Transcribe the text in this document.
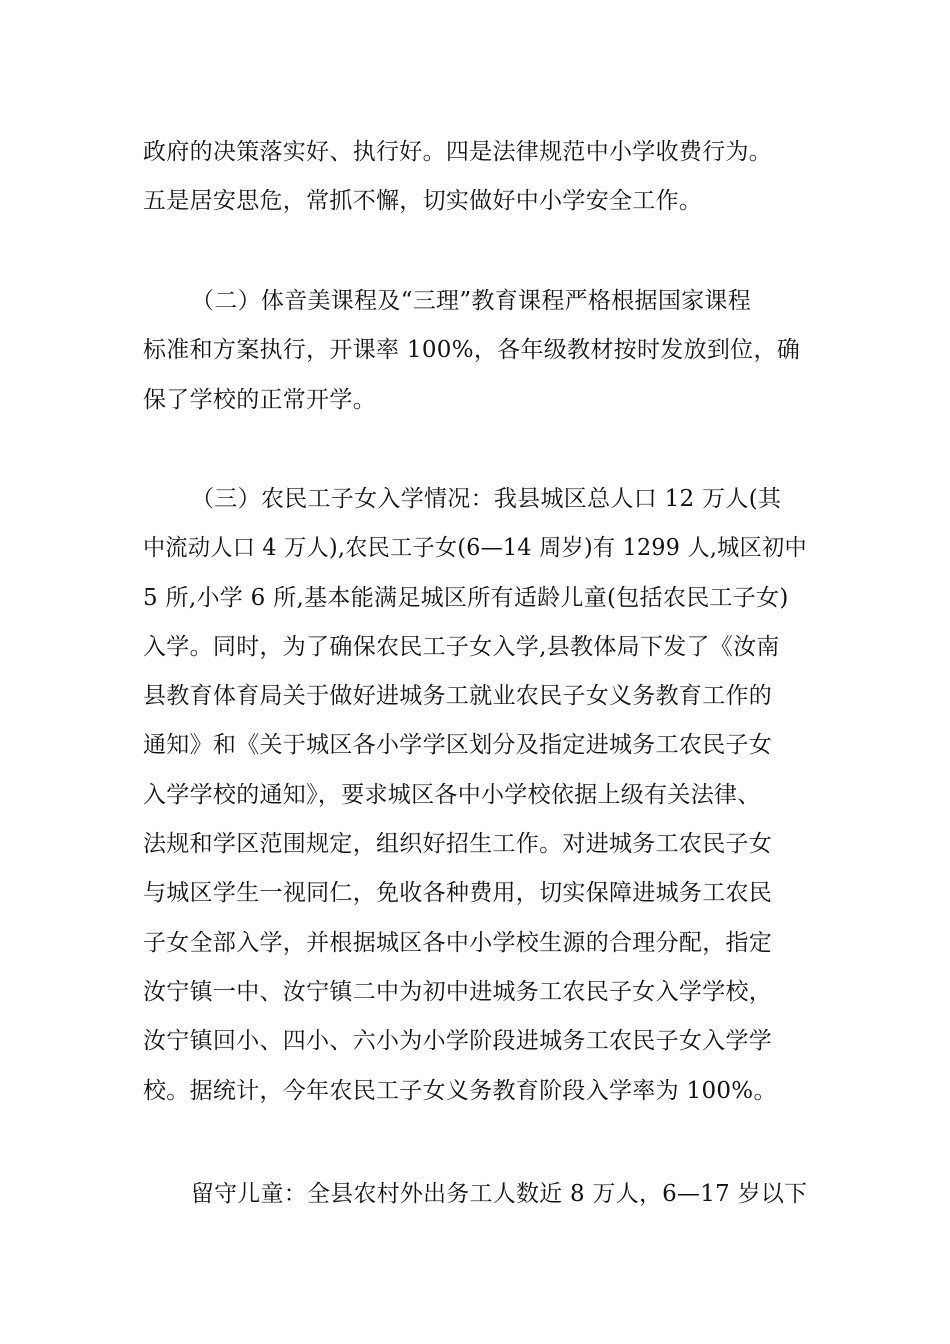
政府的决策落实好、执行好。四是法律规范中小学收费行为。
五是居安思危，常抓不懈，切实做好中小学安全工作。
（二）体音美课程及“三理”教育课程严格根据国家课程
标准和方案执行，开课率 100%，各年级教材按时发放到位，确
保了学校的正常开学。
（三）农民工子女入学情况：我县城区总人口 12 万人(其
中流动人口 4 万人),农民工子女(6—14 周岁)有 1299 人,城区初中
5 所,小学 6 所,基本能满足城区所有适龄儿童(包括农民工子女)
入学。同时，为了确保农民工子女入学,县教体局下发了《汝南
县教育体育局关于做好进城务工就业农民子女义务教育工作的
通知》和《关于城区各小学学区划分及指定进城务工农民子女
入学学校的通知》，要求城区各中小学校依据上级有关法律、
法规和学区范围规定，组织好招生工作。对进城务工农民子女
与城区学生一视同仁，免收各种费用，切实保障进城务工农民
子女全部入学，并根据城区各中小学校生源的合理分配，指定
汝宁镇一中、汝宁镇二中为初中进城务工农民子女入学学校，
汝宁镇回小、四小、六小为小学阶段进城务工农民子女入学学
校。据统计，今年农民工子女义务教育阶段入学率为 100%。
留守儿童：全县农村外出务工人数近 8 万人，6—17 岁以下
